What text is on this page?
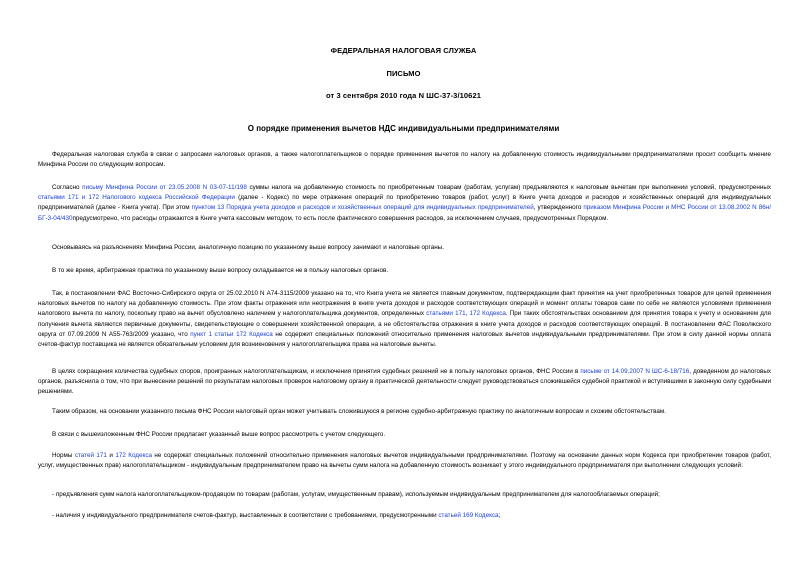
ФЕДЕРАЛЬНАЯ НАЛОГОВАЯ СЛУЖБА
ПИСЬМО
от 3 сентября 2010 года N ШС-37-3/10621
О порядке применения вычетов НДС индивидуальными предпринимателями
Федеральная налоговая служба в связи с запросами налоговых органов, а также налогоплательщиков о порядке применения вычетов по налогу на добавленную стоимость индивидуальными предпринимателями просит сообщить мнение Минфина России по следующим вопросам.
Согласно письму Минфина России от 23.05.2008 N 03-07-11/198 суммы налога на добавленную стоимость по приобретенным товарам (работам, услугам) предъявляются к налоговым вычетам при выполнении условий, предусмотренных статьями 171 и 172 Налогового кодекса Российской Федерации (далее - Кодекс) по мере отражения операций по приобретению товаров (работ, услуг) в Книге учета доходов и расходов и хозяйственных операций для индивидуальных предпринимателей (далее - Книга учета). При этом пунктом 13 Порядка учета доходов и расходов и хозяйственных операций для индивидуальных предпринимателей, утвержденного приказом Минфина России и МНС России от 13.08.2002 N 86н/БГ-3-04/430предусмотрено, что расходы отражаются в Книге учета кассовым методом, то есть после фактического совершения расходов, за исключением случаев, предусмотренных Порядком.
Основываясь на разъяснениях Минфина России, аналогичную позицию по указанному выше вопросу занимают и налоговые органы.
В то же время, арбитражная практика по указанному выше вопросу складывается не в пользу налоговых органов.
Так, в постановлении ФАС Восточно-Сибирского округа от 25.02.2010 N А74-3115/2009 указано на то, что Книга учета не является главным документом, подтверждающим факт принятия на учет приобретенных товаров для целей применения налоговых вычетов по налогу на добавленную стоимость. При этом факты отражения или неотражения в книге учета доходов и расходов соответствующих операций и момент оплаты товаров сами по себе не являются условиями применения налогового вычета по налогу, поскольку право на вычет обусловлено наличием у налогоплательщика документов, определенных статьями 171, 172 Кодекса. При таких обстоятельствах основанием для принятия товара к учету и основанием для получения вычета являются первичные документы, свидетельствующие о совершении хозяйственной операции, а не обстоятельства отражения в книге учета доходов и расходов соответствующих операций. В постановлении ФАС Поволжского округа от 07.09.2009 N А55-763/2009 указано, что пункт 1 статьи 172 Кодекса не содержит специальных положений относительно применения налоговых вычетов индивидуальными предпринимателями. При этом в силу данной нормы оплата счетов-фактур поставщика не является обязательным условием для возникновения у налогоплательщика права на налоговые вычеты.
В целях сокращения количества судебных споров, проигранных налогоплательщикам, и исключения принятия судебных решений не в пользу налоговых органов, ФНС России в письме от 14.09.2007 N ШС-6-18/716, доведенном до налоговых органов, разъяснила о том, что при вынесении решений по результатам налоговых проверок налоговому органу в практической деятельности следует руководствоваться сложившейся судебной практикой и вступившими в законную силу судебными решениями.
Таким образом, на основании указанного письма ФНС России налоговый орган может учитывать сложившуюся в регионе судебно-арбитражную практику по аналогичным вопросам и схожим обстоятельствам.
В связи с вышеизложенным ФНС России предлагает указанный выше вопрос рассмотреть с учетом следующего.
Нормы статей 171 и 172 Кодекса не содержат специальных положений относительно применения налоговых вычетов индивидуальными предпринимателями. Поэтому на основании данных норм Кодекса при приобретении товаров (работ, услуг, имущественных прав) налогоплательщиком - индивидуальным предпринимателем право на вычеты сумм налога на добавленную стоимость возникает у этого индивидуального предпринимателя при выполнении следующих условий:
- предъявления сумм налога налогоплательщиком-продавцом по товарам (работам, услугам, имущественным правам), используемым индивидуальным предпринимателем для налогооблагаемых операций;
- наличия у индивидуального предпринимателя счетов-фактур, выставленных в соответствии с требованиями, предусмотренными статьей 169 Кодекса;
